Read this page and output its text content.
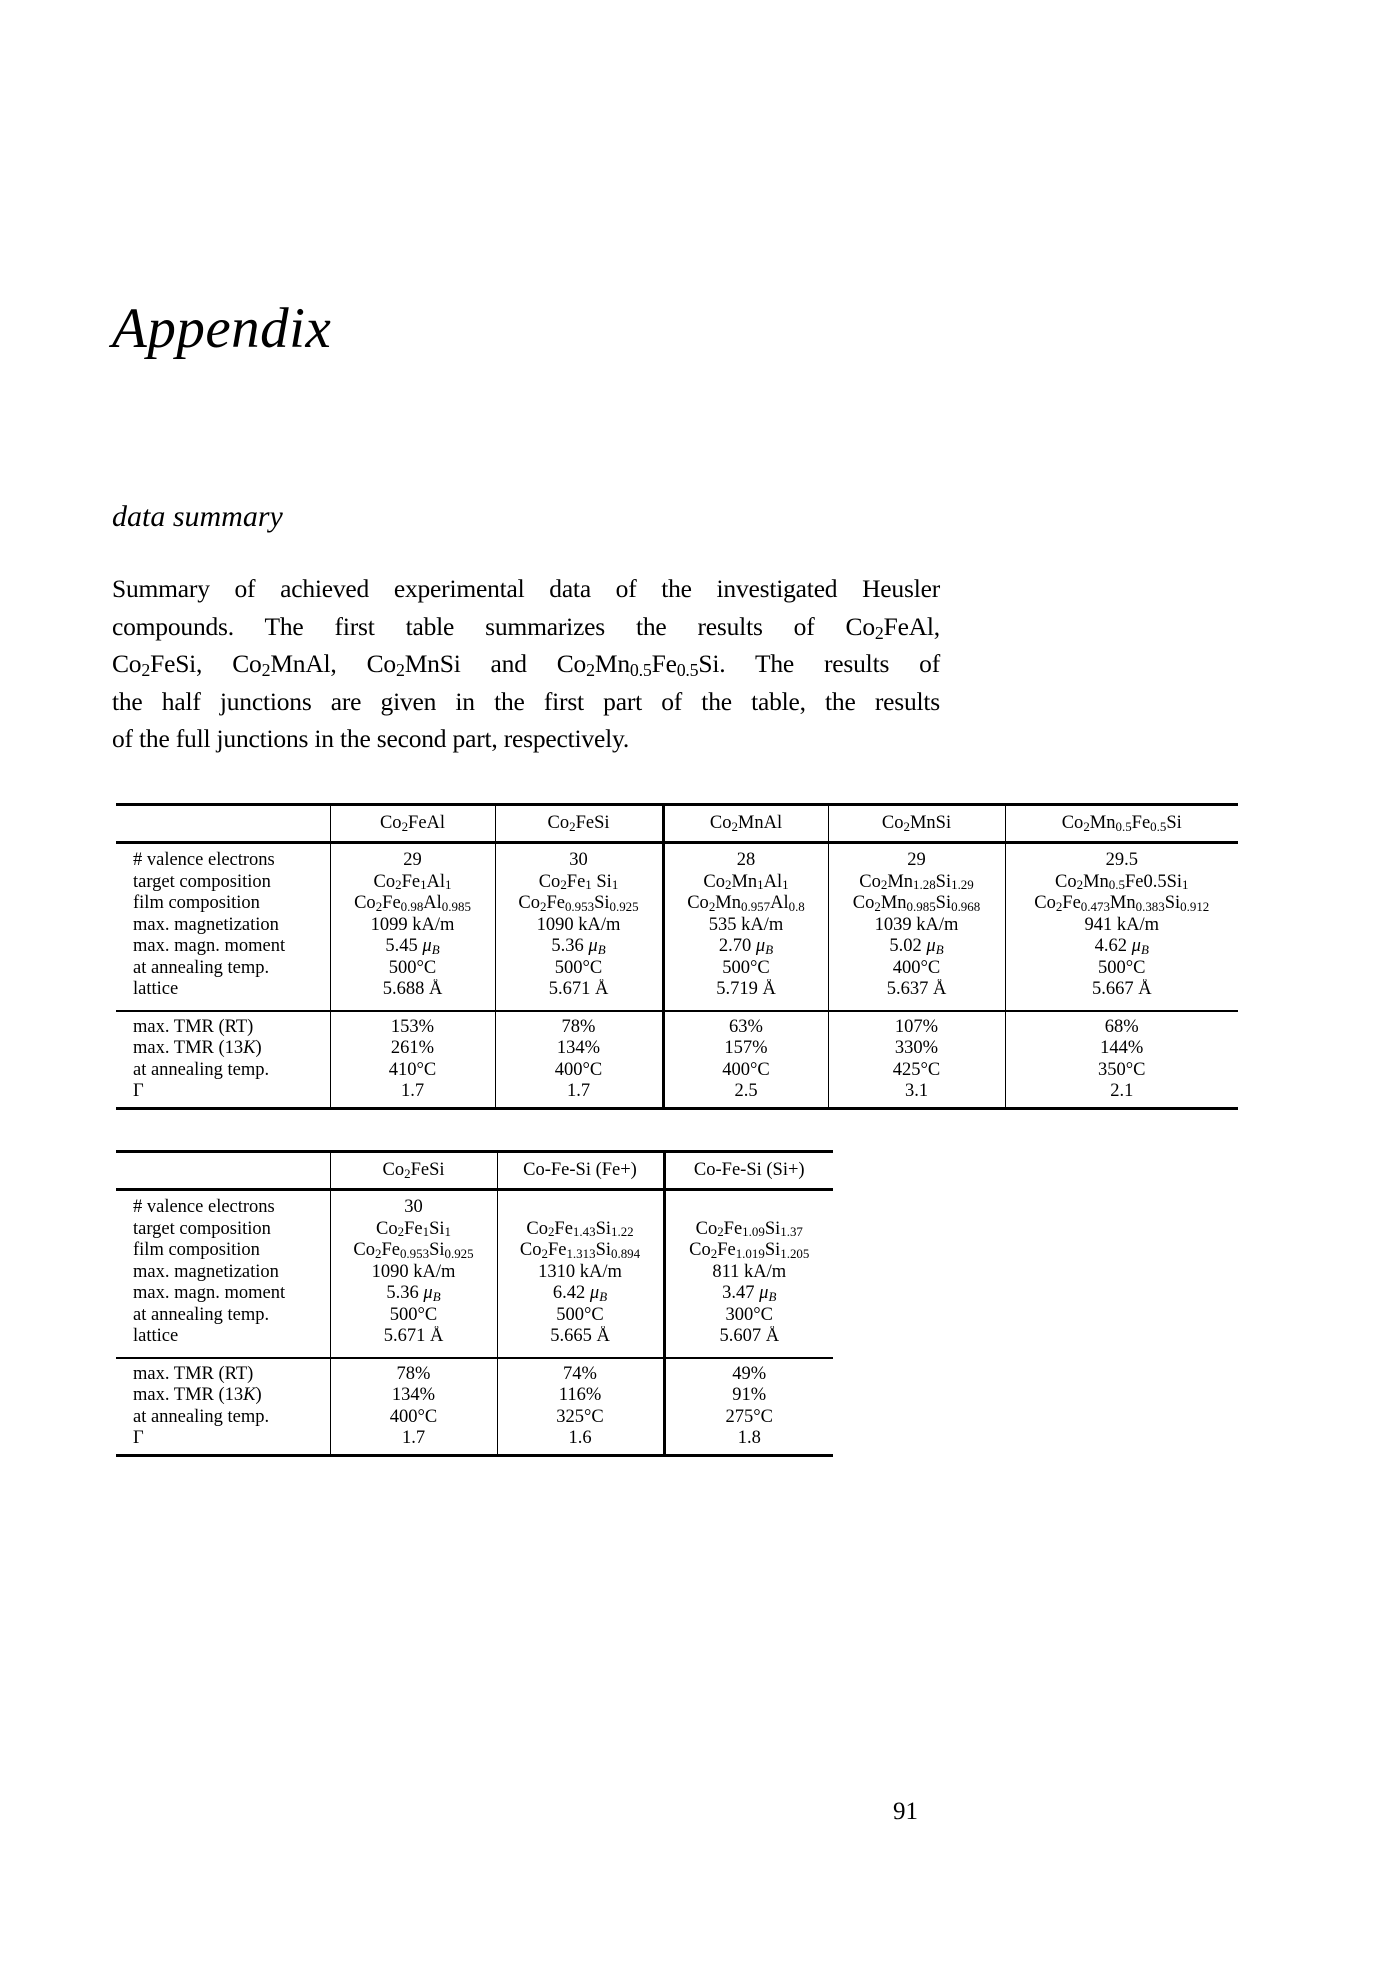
Appendix
data summary
Summary of achieved experimental data of the investigated Heusler
compounds. The first table summarizes the results of $Co_2FeAl$,
$Co_2FeSi$, $Co_2MnAl$, $Co_2MnSi$ and $Co_2Mn_{0.5}Fe_{0.5}Si$. The results of
the half junctions are given in the first part of the table, the results
of the full junctions in the second part, respectively.
	$Co_2FeAl$	$Co_2FeSi$	$Co_2MnAl$	$Co_2MnSi$	$Co_2Mn_{0.5}Fe_{0.5}Si$
# valence electrons	29	30	28	29	29.5
target composition	$Co_2Fe_1Al_1$	$Co_2Fe_1$ $Si_1$	$Co_2Mn_1Al_1$	$Co_2Mn_{1.28}Si_{1.29}$	$Co_2Mn_{0.5}Fe0.5Si_1$
film composition	$Co_2Fe_{0.98}Al_{0.985}$	$Co_2Fe_{0.953}Si_{0.925}$	$Co_2Mn_{0.957}Al_{0.8}$	$Co_2Mn_{0.985}Si_{0.968}$	$Co_2Fe_{0.473}Mn_{0.383}Si_{0.912}$
max. magnetization	1099 kA/m	1090 kA/m	535 kA/m	1039 kA/m	941 kA/m
max. magn. moment	5.45 $\mu_B$	5.36 $\mu_B$	2.70 $\mu_B$	5.02 $\mu_B$	4.62 $\mu_B$
at annealing temp.	500°C	500°C	500°C	400°C	500°C
lattice	5.688 Å	5.671 Å	5.719 Å	5.637 Å	5.667 Å
max. TMR (RT)	153%	78%	63%	107%	68%
max. TMR (13K)	261%	134%	157%	330%	144%
at annealing temp.	410°C	400°C	400°C	425°C	350°C
Γ	1.7	1.7	2.5	3.1	2.1
	$Co_2FeSi$	Co-Fe-Si (Fe+)	Co-Fe-Si (Si+)
# valence electrons	30		
target composition	$Co_2Fe_1Si_1$	$Co_2Fe_{1.43}Si_{1.22}$	$Co_2Fe_{1.09}Si_{1.37}$
film composition	$Co_2Fe_{0.953}Si_{0.925}$	$Co_2Fe_{1.313}Si_{0.894}$	$Co_2Fe_{1.019}Si_{1.205}$
max. magnetization	1090 kA/m	1310 kA/m	811 kA/m
max. magn. moment	5.36 $\mu_B$	6.42 $\mu_B$	3.47 $\mu_B$
at annealing temp.	500°C	500°C	300°C
lattice	5.671 Å	5.665 Å	5.607 Å
max. TMR (RT)	78%	74%	49%
max. TMR (13K)	134%	116%	91%
at annealing temp.	400°C	325°C	275°C
Γ	1.7	1.6	1.8
91
